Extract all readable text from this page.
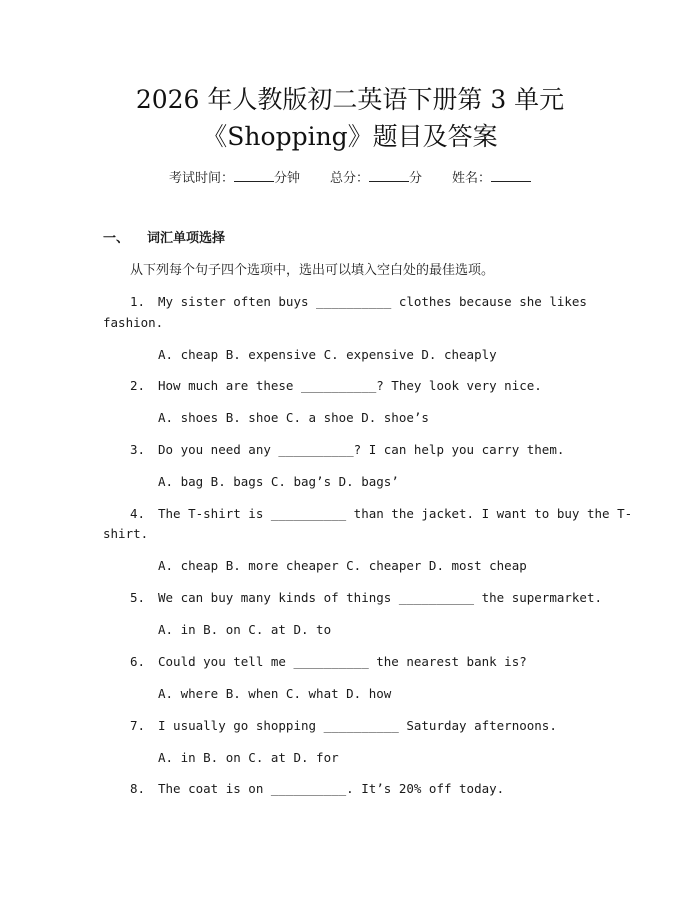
2026 年人教版初二英语下册第 3 单元
《Shopping》题目及答案
考试时间：	分钟 总分：	分 姓名：
一、 词汇单项选择
从下列每个句子四个选项中，选出可以填入空白处的最佳选项。
1. My sister often buys __________ clothes because she likes
fashion.
A. cheap B. expensive C. expensive D. cheaply
2. How much are these __________? They look very nice.
A. shoes B. shoe C. a shoe D. shoe’s
3. Do you need any __________? I can help you carry them.
A. bag B. bags C. bag’s D. bags’
4. The T-shirt is __________ than the jacket. I want to buy the T-
shirt.
A. cheap B. more cheaper C. cheaper D. most cheap
5. We can buy many kinds of things __________ the supermarket.
A. in B. on C. at D. to
6. Could you tell me __________ the nearest bank is?
A. where B. when C. what D. how
7. I usually go shopping __________ Saturday afternoons.
A. in B. on C. at D. for
8. The coat is on __________. It’s 20% off today.
